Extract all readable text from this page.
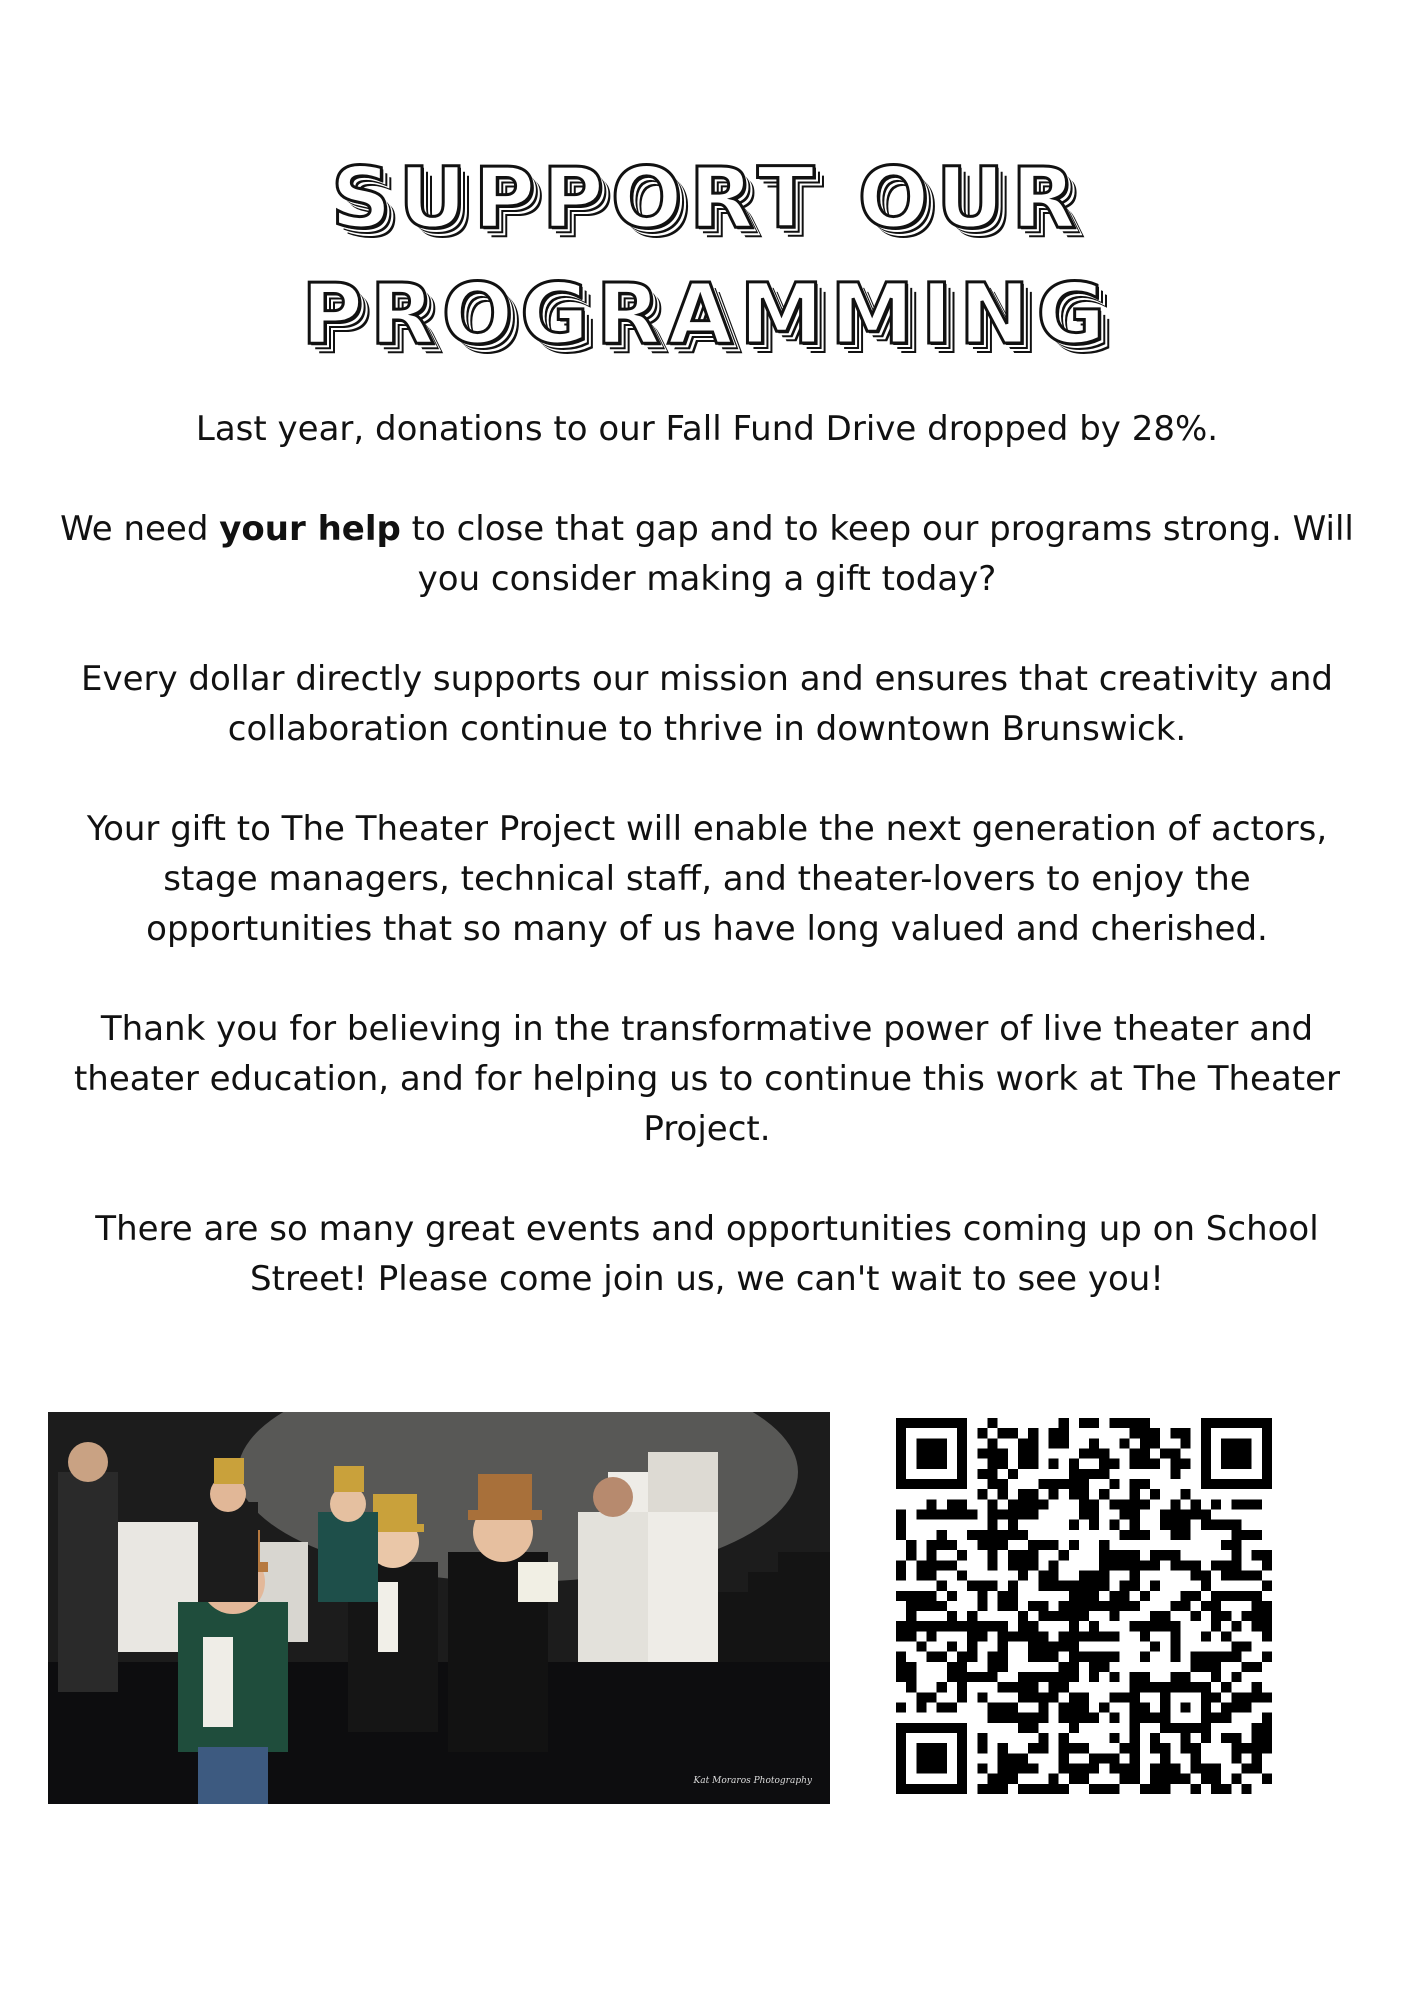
SUPPORT OUR
PROGRAMMING

Last year, donations to our Fall Fund Drive dropped by 28%.

We need your help to close that gap and to keep our programs strong. Will you consider making a gift today?

Every dollar directly supports our mission and ensures that creativity and collaboration continue to thrive in downtown Brunswick.

Your gift to The Theater Project will enable the next generation of actors, stage managers, technical staff, and theater-lovers to enjoy the opportunities that so many of us have long valued and cherished.

Thank you for believing in the transformative power of live theater and theater education, and for helping us to continue this work at The Theater Project.

There are so many great events and opportunities coming up on School Street! Please come join us, we can't wait to see you!

Kat Moraros Photography
